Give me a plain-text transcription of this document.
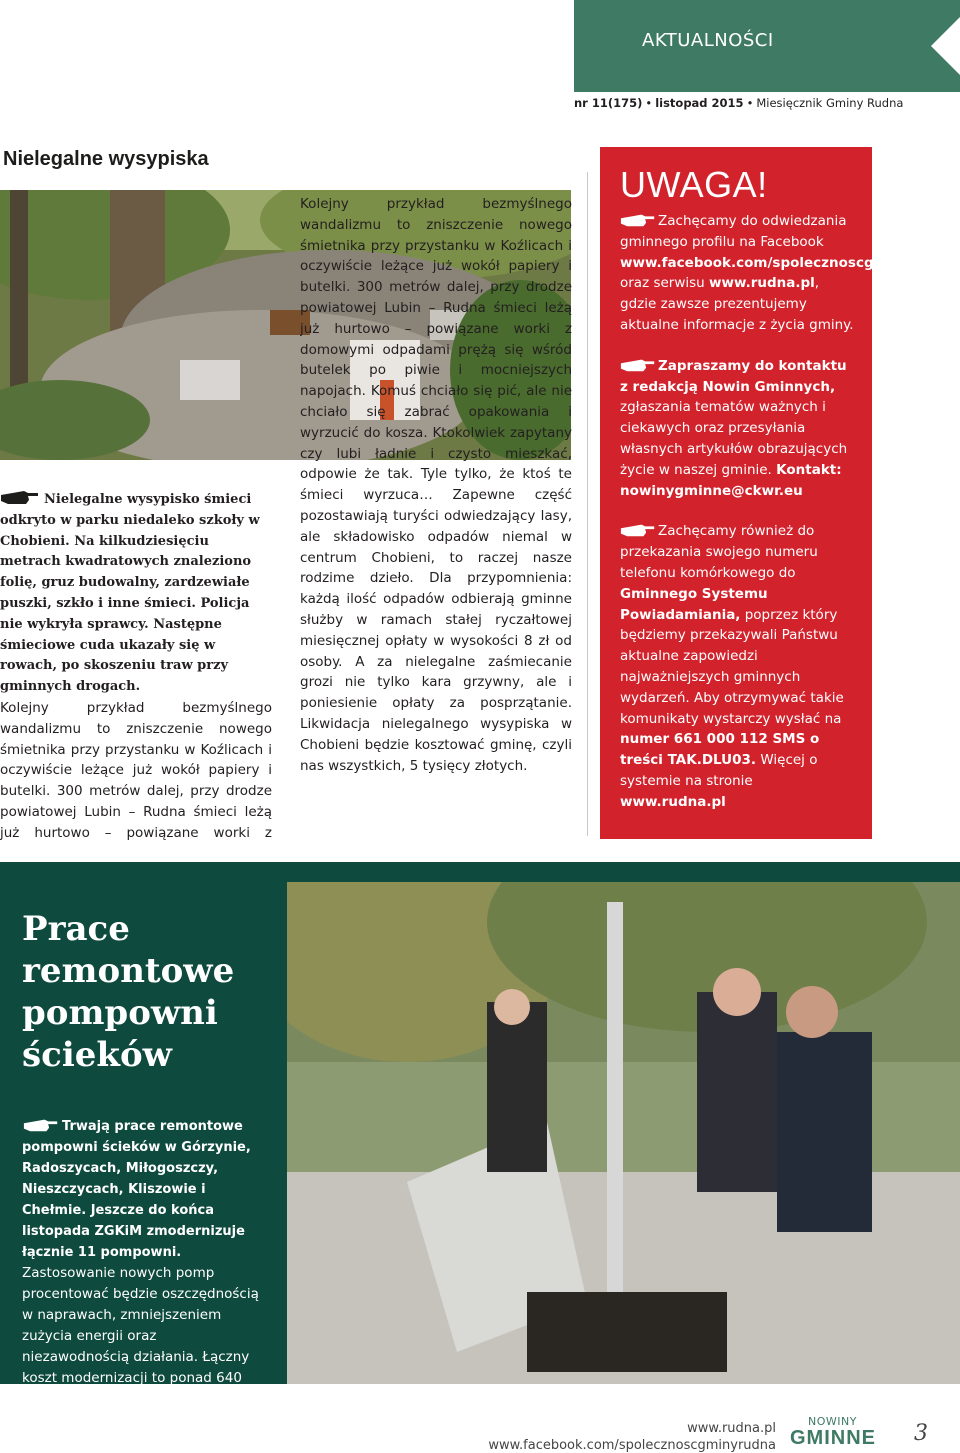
AKTUALNOŚCI
nr 11(175) • listopad 2015 • Miesięcznik Gminy Rudna
Nielegalne wysypiska

Nielegalne wysypisko śmieci odkryto w parku niedaleko szkoły w Chobieni. Na kilkudziesięciu metrach kwadratowych znaleziono folię, gruz budowalny, zardzewiałe puszki, szkło i inne śmieci. Policja nie wykryła sprawcy. Następne śmieciowe cuda ukazały się w rowach, po skoszeniu traw przy gminnych drogach.

Kolejny przykład bezmyślnego wandalizmu to zniszczenie nowego śmietnika przy przystanku w Koźlicach i oczywiście leżące już wokół papiery i butelki. 300 metrów dalej, przy drodze powiatowej Lubin – Rudna śmieci leżą już hurtowo – powiązane worki z

Kolejny przykład bezmyślnego wandalizmu to zniszczenie nowego śmietnika przy przystanku w Koźlicach i oczywiście leżące już wokół papiery i butelki. 300 metrów dalej, przy drodze powiatowej Lubin – Rudna śmieci leżą już hurtowo – powiązane worki z domowymi odpadami prężą się wśród butelek po piwie i mocniejszych napojach. Komuś chciało się pić, ale nie chciało się zabrać opakowania i wyrzucić do kosza. Ktokolwiek zapytany czy lubi ładnie i czysto mieszkać, odpowie że tak. Tyle tylko, że ktoś te śmieci wyrzuca… Zapewne część pozostawiają turyści odwiedzający lasy, ale składowisko odpadów niemal w centrum Chobieni, to raczej nasze rodzime dzieło. Dla przypomnienia: każdą ilość odpadów odbierają gminne służby w ramach stałej ryczałtowej miesięcznej opłaty w wysokości 8 zł od osoby. A za nielegalne zaśmiecanie grozi nie tylko kara grzywny, ale i poniesienie opłaty za posprzątanie. Likwidacja nielegalnego wysypiska w Chobieni będzie kosztować gminę, czyli nas wszystkich, 5 tysięcy złotych.

UWAGA!

Zachęcamy do odwiedzania gminnego profilu na Facebook www.facebook.com/spolecznoscgminyrudna oraz serwisu www.rudna.pl, gdzie zawsze prezentujemy aktualne informacje z życia gminy.

Zapraszamy do kontaktu z redakcją Nowin Gminnych, zgłaszania tematów ważnych i ciekawych oraz przesyłania własnych artykułów obrazujących życie w naszej gminie. Kontakt: nowinygminne@ckwr.eu

Zachęcamy również do przekazania swojego numeru telefonu komórkowego do Gminnego Systemu Powiadamiania, poprzez który będziemy przekazywali Państwu aktualne zapowiedzi najważniejszych gminnych wydarzeń. Aby otrzymywać takie komunikaty wystarczy wysłać na numer 661 000 112 SMS o treści TAK.DLU03. Więcej o systemie na stronie www.rudna.pl

Prace remontowe pompowni ścieków

Trwają prace remontowe pompowni ścieków w Górzynie, Radoszycach, Miłogoszczy, Nieszczycach, Kliszowie i Chełmie. Jeszcze do końca listopada ZGKiM zmodernizuje łącznie 11 pompowni.

Zastosowanie nowych pomp procentować będzie oszczędnością w naprawach, zmniejszeniem zużycia energii oraz niezawodnością działania. Łączny koszt modernizacji to ponad 640 000 zł.

www.rudna.pl
www.facebook.com/spolecznoscgminyrudna
NOWINY
GMINNE 3
